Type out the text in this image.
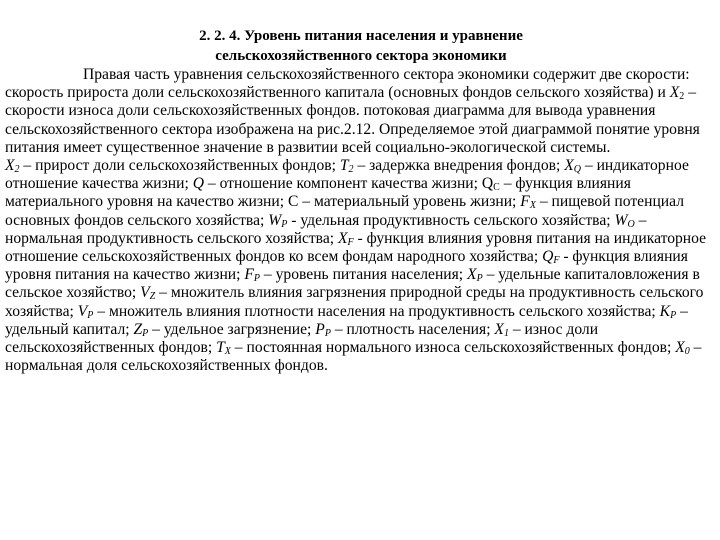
2. 2. 4. Уровень питания населения и уравнение
сельскохозяйственного сектора экономики

Правая часть уравнения сельскохозяйственного сектора экономики содержит две скорости: скорость прироста доли сельскохозяйственного капитала (основных фондов сельского хозяйства) и $X_2$ – скорости износа доли сельскохозяйственных фондов. потоковая диаграмма для вывода уравнения сельскохозяйственного сектора изображена на рис.2.12. Определяемое этой диаграммой понятие уровня питания имеет существенное значение в развитии всей социально-экологической системы.

$X_2$ – прирост доли сельскохозяйственных фондов; $T_2$ – задержка внедрения фондов; $X_Q$ – индикаторное отношение качества жизни; Q – отношение компонент качества жизни; $Q_C$ – функция влияния материального уровня на качество жизни; С – материальный уровень жизни; $F_X$ – пищевой потенциал основных фондов сельского хозяйства; $W_P$ - удельная продуктивность сельского хозяйства; $W_O$ – нормальная продуктивность сельского хозяйства; $X_F$ - функция влияния уровня питания на индикаторное отношение сельскохозяйственных фондов ко всем фондам народного хозяйства; $Q_F$ - функция влияния уровня питания на качество жизни; $F_P$ – уровень питания населения; $X_P$ – удельные капиталовложения в сельское хозяйство; $V_Z$ – множитель влияния загрязнения природной среды на продуктивность сельского хозяйства; $V_P$ – множитель влияния плотности населения на продуктивность сельского хозяйства; $K_P$ – удельный капитал; $Z_P$ – удельное загрязнение; $P_P$ – плотность населения; $X_1$ – износ доли сельскохозяйственных фондов; $T_X$ – постоянная нормального износа сельскохозяйственных фондов; $X_0$ – нормальная доля сельскохозяйственных фондов.
